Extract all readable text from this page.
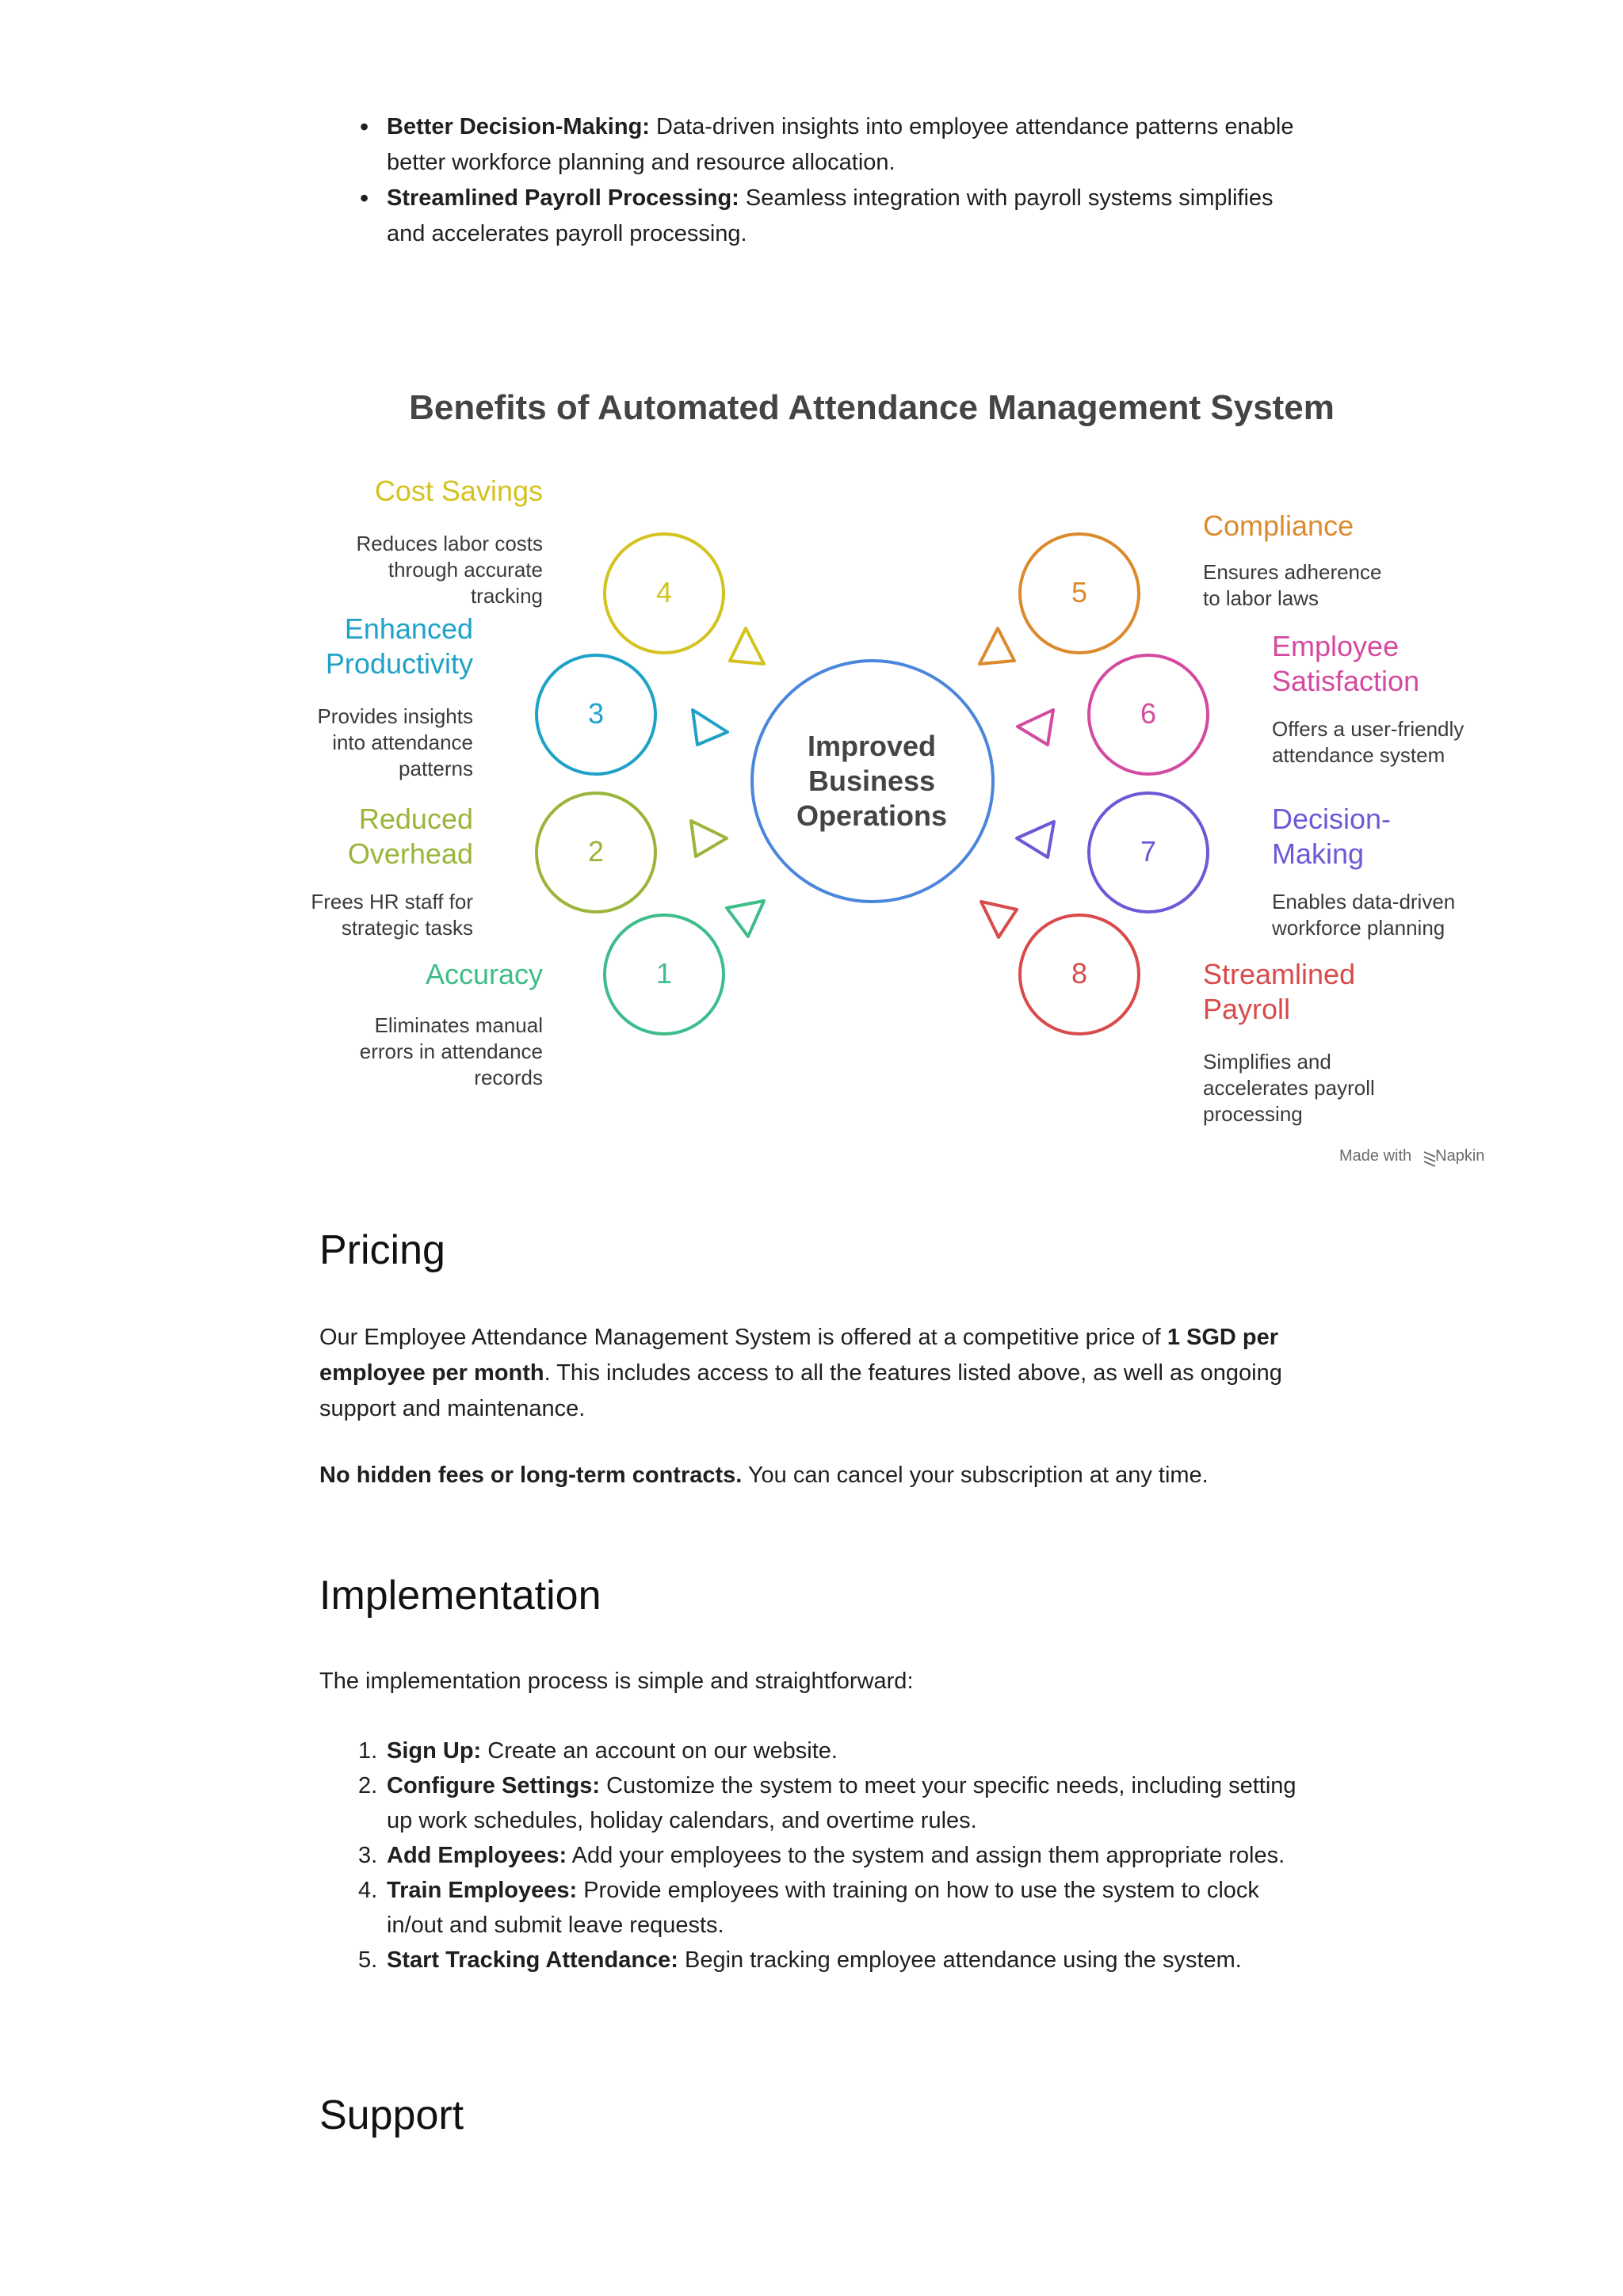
• Better Decision-Making: Data-driven insights into employee attendance patterns enable better workforce planning and resource allocation.
• Streamlined Payroll Processing: Seamless integration with payroll systems simplifies and accelerates payroll processing.
Benefits of Automated Attendance Management System
Improved Business Operations
1
2
3
4	5
6
7
8
Accuracy
Eliminates manual errors in attendance records
Reduced Overhead
Frees HR staff for strategic tasks
Enhanced Productivity
Provides insights into attendance patterns
Cost Savings
Reduces labor costs through accurate tracking
Compliance
Ensures adherence to labor laws
Employee Satisfaction
Offers a user-friendly attendance system
Decision-Making
Enables data-driven workforce planning
Streamlined Payroll
Simplifies and accelerates payroll processing
Made with Napkin
Pricing

Our Employee Attendance Management System is offered at a competitive price of 1 SGD per employee per month. This includes access to all the features listed above, as well as ongoing support and maintenance.

No hidden fees or long-term contracts. You can cancel your subscription at any time.

Implementation

The implementation process is simple and straightforward:

1. Sign Up: Create an account on our website.
2. Configure Settings: Customize the system to meet your specific needs, including setting up work schedules, holiday calendars, and overtime rules.
3. Add Employees: Add your employees to the system and assign them appropriate roles.
4. Train Employees: Provide employees with training on how to use the system to clock in/out and submit leave requests.
5. Start Tracking Attendance: Begin tracking employee attendance using the system.
Support
